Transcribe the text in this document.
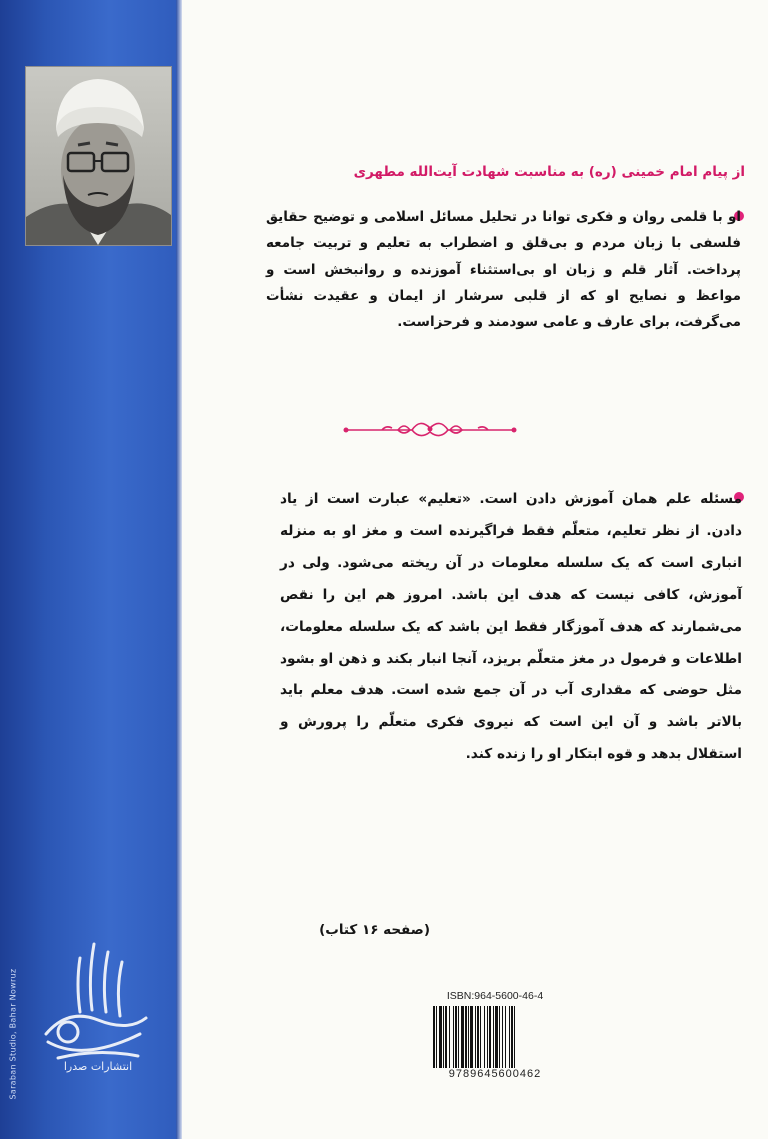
Saraban Studio, Bahar Nowruz	انتشارات صدرا
از پیام امام خمینی (ره) به مناسبت شهادت آیت‌الله مطهری
او با قلمی روان و فکری توانا در تحلیل مسائل اسلامی و توضیح حقایق فلسفی با زبان مردم و بی‌قلق و اضطراب به تعلیم و تربیت جامعه پرداخت. آثار قلم و زبان او بی‌استثناء آموزنده و روانبخش است و مواعظ و نصایح او که از قلبی سرشار از ایمان و عقیدت نشأت می‌گرفت، برای عارف و عامی سودمند و فرحزاست.
مسئله علم همان آموزش دادن است. «تعلیم» عبارت است از یاد دادن. از نظر تعلیم، متعلّم فقط فراگیرنده است و مغز او به منزله انباری است که یک سلسله معلومات در آن ریخته می‌شود. ولی در آموزش، کافی نیست که هدف این باشد. امروز هم این را نقص می‌شمارند که هدف آموزگار فقط این باشد که یک سلسله معلومات، اطلاعات و فرمول در مغز متعلّم بریزد، آنجا انبار بکند و ذهن او بشود مثل حوضی که مقداری آب در آن جمع شده است. هدف معلم باید بالاتر باشد و آن این است که نیروی فکری متعلّم را پرورش و استقلال بدهد و قوه ابتکار او را زنده کند.
(صفحه ۱۶ کتاب)
ISBN:964-5600-46-4
9789645600462
